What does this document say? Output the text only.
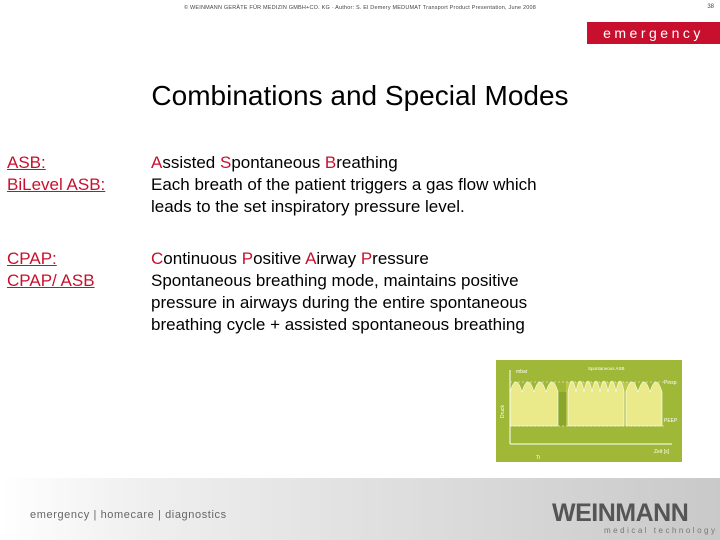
© WEINMANN GERÄTE FÜR MEDIZIN GMBH+CO. KG · Author: S. El Demery MEDUMAT Transport Product Presentation, June 2008	38
emergency
Combinations and Special Modes
ASB:
BiLevel ASB:
Assisted Spontaneous Breathing
Each breath of the patient triggers a gas flow which
leads to the set inspiratory pressure level.
CPAP:
CPAP/ ASB
Continuous Positive Airway Pressure
Spontaneous breathing mode, maintains positive
pressure in airways during the entire spontaneous
breathing cycle + assisted spontaneous breathing
mbar
Spontaneous ASB
Pinsp
PEEP
Druck
Zeit [s]
Ti
emergency | homecare | diagnostics	WEINMANN
medical technology
